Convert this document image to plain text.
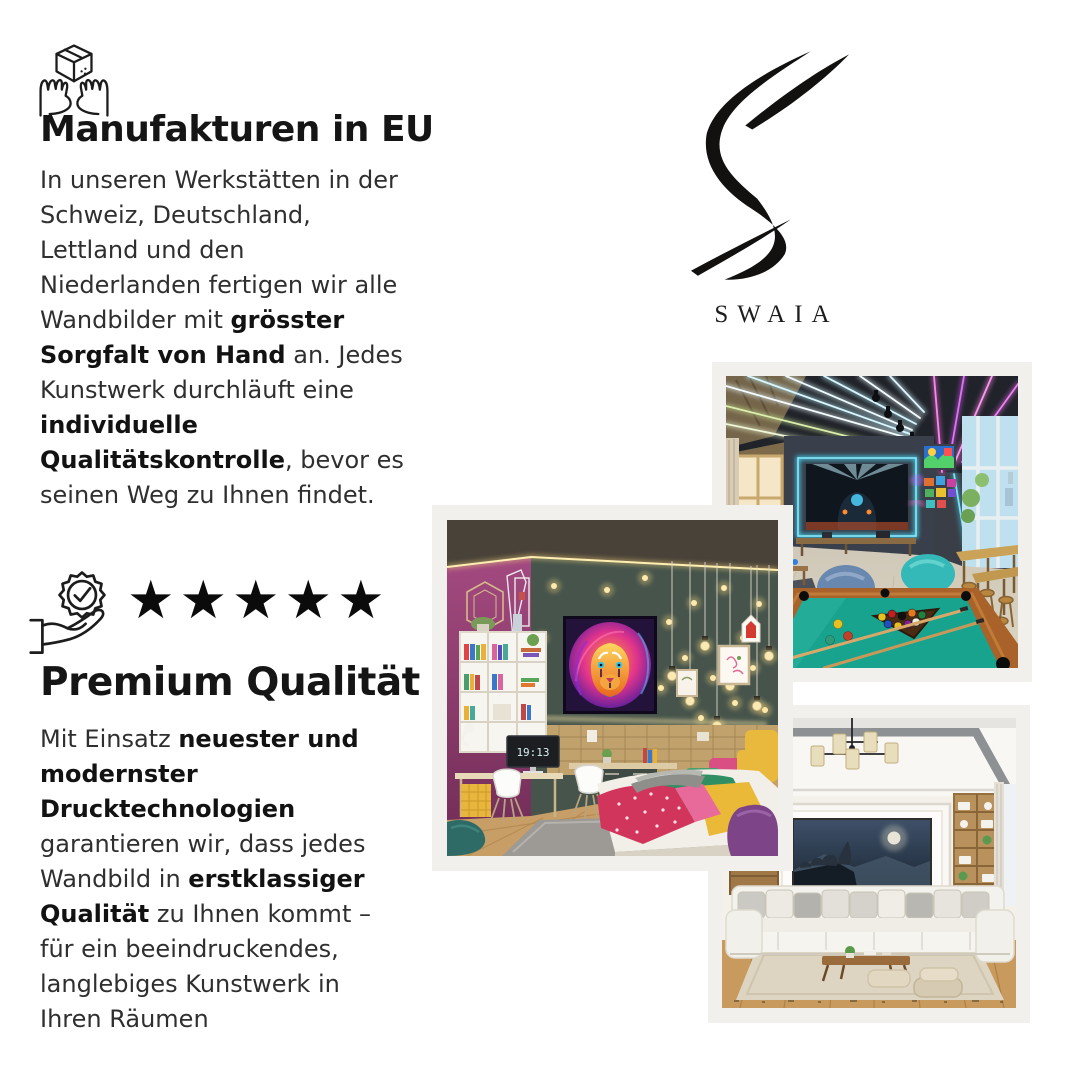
Manufakturen in EU
In unseren Werkstätten in der
Schweiz, Deutschland,
Lettland und den
Niederlanden fertigen wir alle
Wandbilder mit grösster
Sorgfalt von Hand an. Jedes
Kunstwerk durchläuft eine
individuelle
Qualitätskontrolle, bevor es
seinen Weg zu Ihnen findet.
★★★★★
Premium Qualität
Mit Einsatz neuester und
modernster
Drucktechnologien
garantieren wir, dass jedes
Wandbild in erstklassiger
Qualität zu Ihnen kommt –
für ein beeindruckendes,
langlebiges Kunstwerk in
Ihren Räumen
SWAIA
19:13
